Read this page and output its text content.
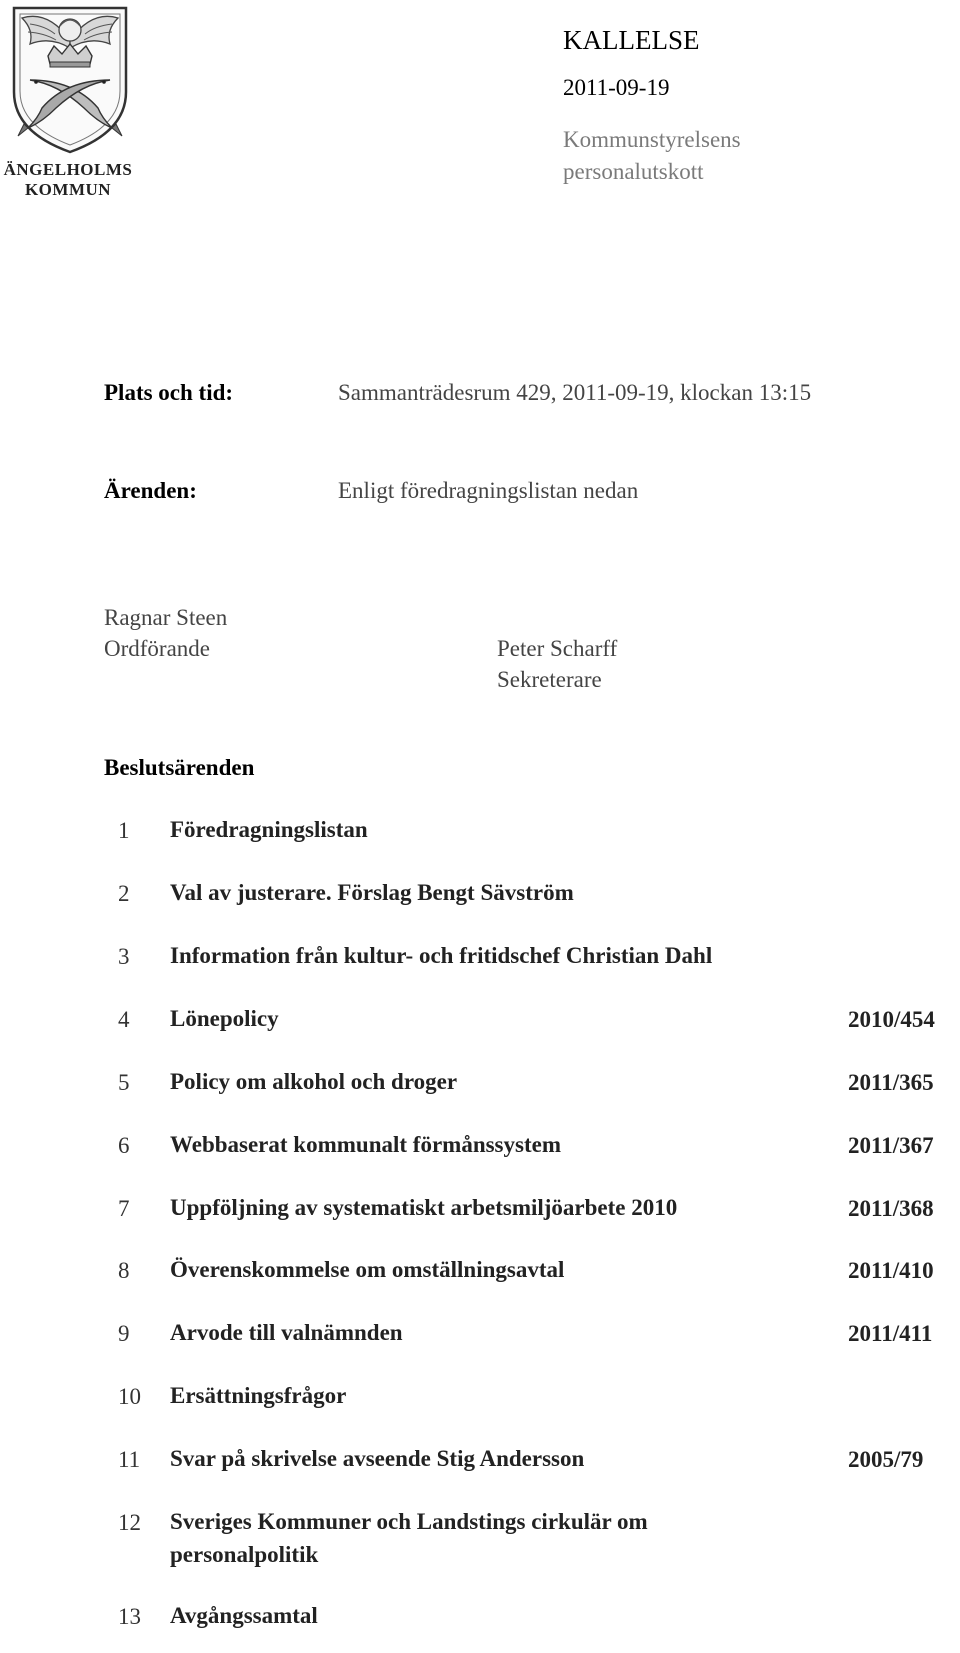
ÄNGELHOLMS
KOMMUN
KALLELSE
2011-09-19
Kommunstyrelsens
personalutskott
Plats och tid:	Sammanträdesrum 429, 2011-09-19, klockan 13:15
Ärenden:	Enligt föredragningslistan nedan
Ragnar Steen
Ordförande	Peter Scharff
Sekreterare
Beslutsärenden
1	Föredragningslistan
2	Val av justerare. Förslag Bengt Sävström
3	Information från kultur- och fritidschef Christian Dahl
4	Lönepolicy	2010/454
5	Policy om alkohol och droger	2011/365
6	Webbaserat kommunalt förmånssystem	2011/367
7	Uppföljning av systematiskt arbetsmiljöarbete 2010	2011/368
8	Överenskommelse om omställningsavtal	2011/410
9	Arvode till valnämnden	2011/411
10	Ersättningsfrågor
11	Svar på skrivelse avseende Stig Andersson	2005/79
12	Sveriges Kommuner och Landstings cirkulär om
personalpolitik
13	Avgångssamtal
